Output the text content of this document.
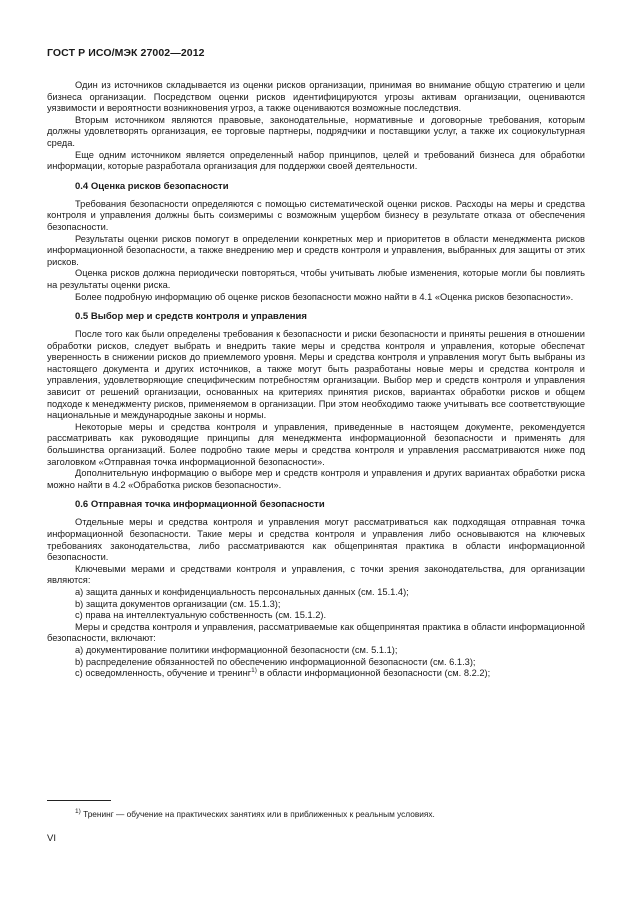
ГОСТ Р ИСО/МЭК 27002—2012

Один из источников складывается из оценки рисков организации, принимая во внимание общую стратегию и цели бизнеса организации. Посредством оценки рисков идентифицируются угрозы активам организации, оцениваются уязвимости и вероятности возникновения угроз, а также оцениваются возможные последствия.

Вторым источником являются правовые, законодательные, нормативные и договорные требования, которым должны удовлетворять организация, ее торговые партнеры, подрядчики и поставщики услуг, а также их социокультурная среда.

Еще одним источником является определенный набор принципов, целей и требований бизнеса для обработки информации, которые разработала организация для поддержки своей деятельности.

0.4 Оценка рисков безопасности

Требования безопасности определяются с помощью систематической оценки рисков. Расходы на меры и средства контроля и управления должны быть соизмеримы с возможным ущербом бизнесу в результате отказа от обеспечения безопасности.

Результаты оценки рисков помогут в определении конкретных мер и приоритетов в области менеджмента рисков информационной безопасности, а также внедрению мер и средств контроля и управления, выбранных для защиты от этих рисков.

Оценка рисков должна периодически повторяться, чтобы учитывать любые изменения, которые могли бы повлиять на результаты оценки риска.

Более подробную информацию об оценке рисков безопасности можно найти в 4.1 «Оценка рисков безопасности».

0.5 Выбор мер и средств контроля и управления

После того как были определены требования к безопасности и риски безопасности и приняты решения в отношении обработки рисков, следует выбрать и внедрить такие меры и средства контроля и управления, которые обеспечат уверенность в снижении рисков до приемлемого уровня. Меры и средства контроля и управления могут быть выбраны из настоящего документа и других источников, а также могут быть разработаны новые меры и средства контроля и управления, удовлетворяющие специфическим потребностям организации. Выбор мер и средств контроля и управления зависит от решений организации, основанных на критериях принятия рисков, вариантах обработки рисков и общем подходе к менеджменту рисков, применяемом в организации. При этом необходимо также учитывать все соответствующие национальные и международные законы и нормы.

Некоторые меры и средства контроля и управления, приведенные в настоящем документе, рекомендуется рассматривать как руководящие принципы для менеджмента информационной безопасности и применять для большинства организаций. Более подробно такие меры и средства контроля и управления рассматриваются ниже под заголовком «Отправная точка информационной безопасности».

Дополнительную информацию о выборе мер и средств контроля и управления и других вариантах обработки риска можно найти в 4.2 «Обработка рисков безопасности».

0.6 Отправная точка информационной безопасности

Отдельные меры и средства контроля и управления могут рассматриваться как подходящая отправная точка информационной безопасности. Такие меры и средства контроля и управления либо основываются на ключевых требованиях законодательства, либо рассматриваются как общепринятая практика в области информационной безопасности.

Ключевыми мерами и средствами контроля и управления, с точки зрения законодательства, для организации являются:

a) защита данных и конфиденциальность персональных данных (см. 15.1.4);

b) защита документов организации (см. 15.1.3);

c) права на интеллектуальную собственность (см. 15.1.2).

Меры и средства контроля и управления, рассматриваемые как общепринятая практика в области информационной безопасности, включают:

a) документирование политики информационной безопасности (см. 5.1.1);

b) распределение обязанностей по обеспечению информационной безопасности (см. 6.1.3);

c) осведомленность, обучение и тренинг$^{1)}$ в области информационной безопасности (см. 8.2.2);

$^{1)}$ Тренинг — обучение на практических занятиях или в приближенных к реальным условиях.
VI
